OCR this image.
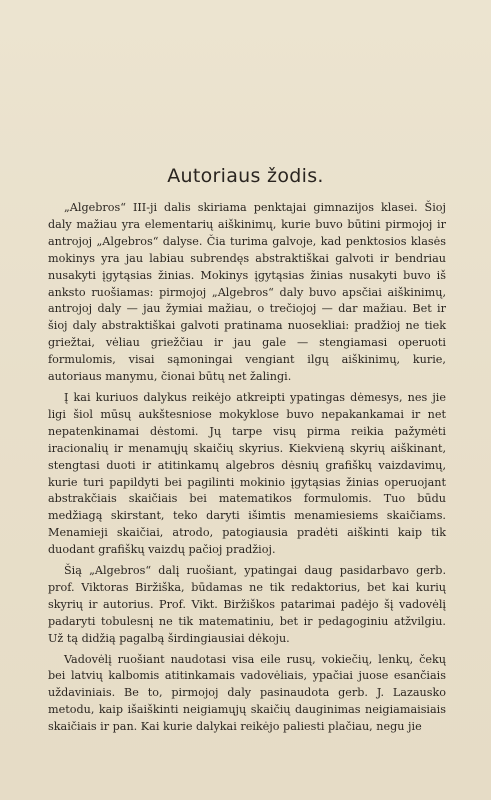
Autoriaus žodis.

„Algebros“ III-ji dalis skiriama penktajai gimnazijos klasei. Šioj daly mažiau yra elementarių aiškinimų, kurie buvo būtini pirmojoj ir antrojoj „Algebros“ dalyse. Čia turima galvoje, kad penktosios klasės mokinys yra jau labiau subrendęs abstraktiškai galvoti ir bendriau nusakyti įgytąsias žinias. Mokinys įgytąsias žinias nusakyti buvo iš anksto ruošiamas: pirmojoj „Algebros“ daly buvo apsčiai aiškinimų, antrojoj daly — jau žymiai mažiau, o trečiojoj — dar mažiau. Bet ir šioj daly abstraktiškai galvoti pratinama nuosekliai: pradžioj ne tiek griežtai, vėliau griežčiau ir jau gale — stengiamasi operuoti formulomis, visai sąmoningai vengiant ilgų aiškinimų, kurie, autoriaus manymu, čionai būtų net žalingi.

Į kai kuriuos dalykus reikėjo atkreipti ypatingas dėmesys, nes jie ligi šiol mūsų aukštesniose mokyklose buvo nepakankamai ir net nepatenkinamai dėstomi. Jų tarpe visų pirma reikia pažymėti iracionalių ir menamųjų skaičių skyrius. Kiekvieną skyrių aiškinant, stengtasi duoti ir atitinkamų algebros dėsnių grafiškų vaizdavimų, kurie turi papildyti bei pagilinti mokinio įgytąsias žinias operuojant abstrakčiais skaičiais bei matematikos formulomis. Tuo būdu medžiagą skirstant, teko daryti išimtis menamiesiems skaičiams. Menamieji skaičiai, atrodo, patogiausia pradėti aiškinti kaip tik duodant grafiškų vaizdų pačioj pradžioj.

Šią „Algebros“ dalį ruošiant, ypatingai daug pasidarbavo gerb. prof. Viktoras Biržiška, būdamas ne tik redaktorius, bet kai kurių skyrių ir autorius. Prof. Vikt. Biržiškos patarimai padėjo šį vadovėlį padaryti tobulesnį ne tik matematiniu, bet ir pedagoginiu atžvilgiu. Už tą didžią pagalbą širdingiausiai dėkoju.

Vadovėlį ruošiant naudotasi visa eile rusų, vokiečių, lenkų, čekų bei latvių kalbomis atitinkamais vadovėliais, ypačiai juose esančiais uždaviniais. Be to, pirmojoj daly pasinaudota gerb. J. Lazausko metodu, kaip išaiškinti neigiamųjų skaičių dauginimas neigiamaisiais skaičiais ir pan. Kai kurie dalykai reikėjo paliesti plačiau, negu jie
